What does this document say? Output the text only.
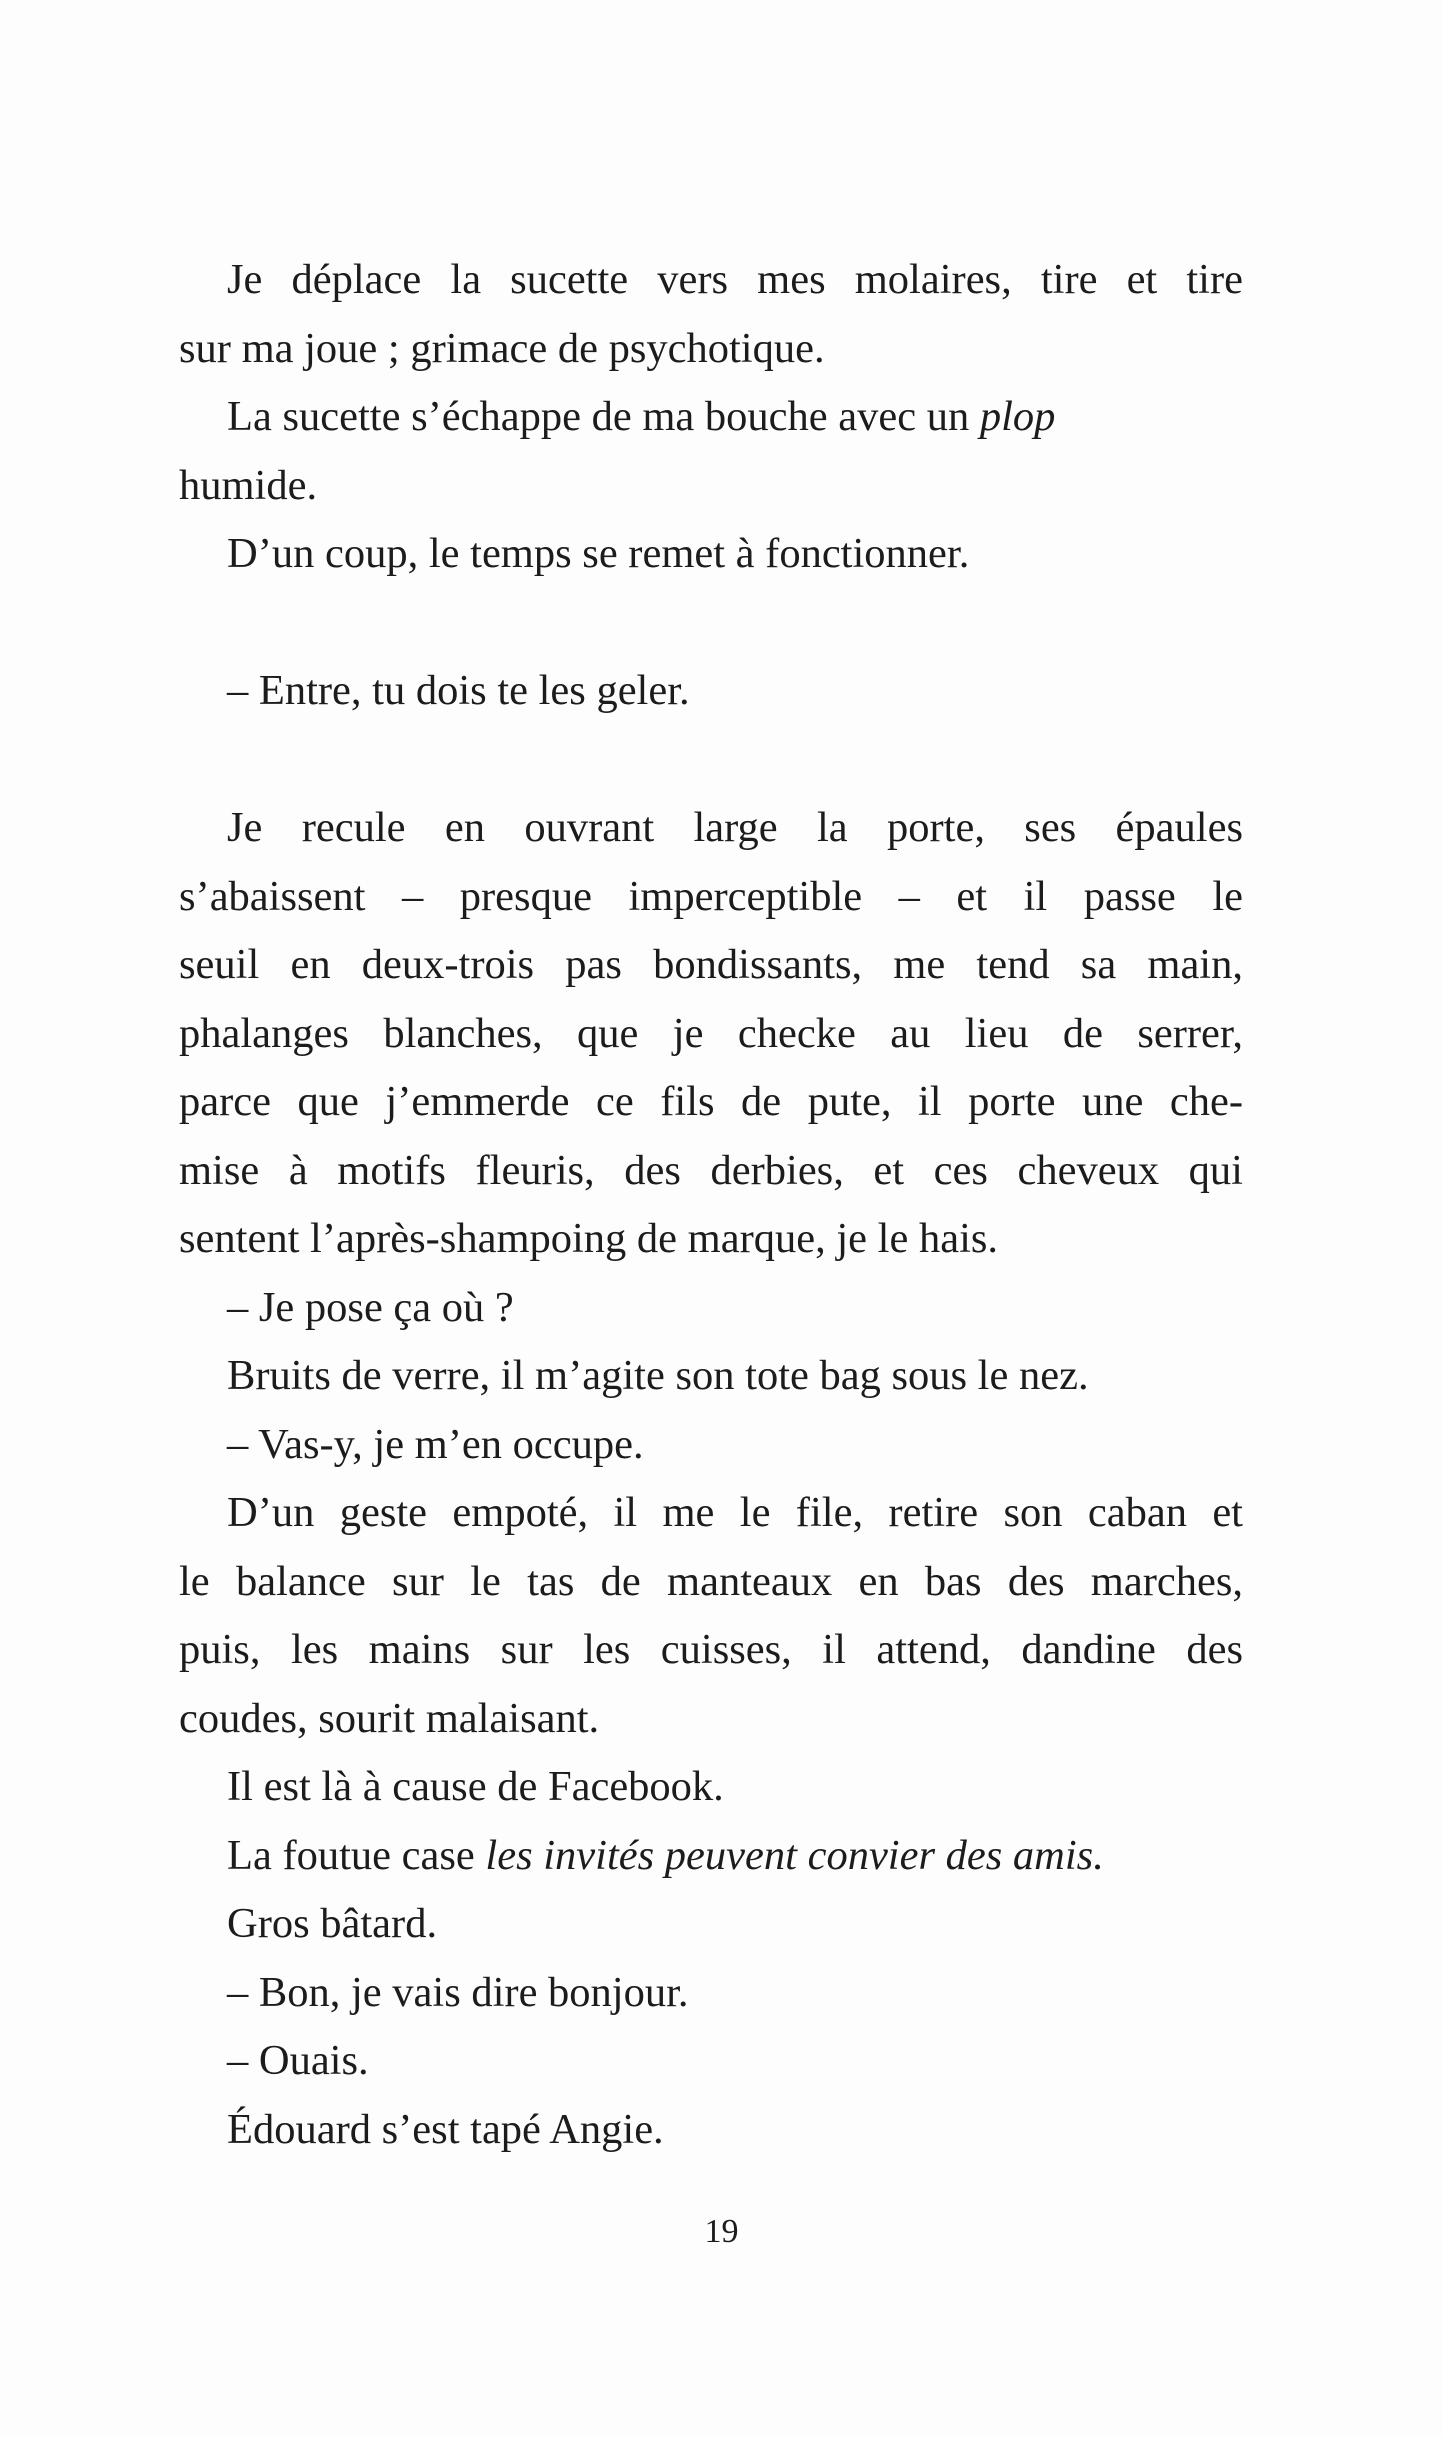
Je déplace la sucette vers mes molaires, tire et tire
sur ma joue ; grimace de psychotique.
La sucette s’échappe de ma bouche avec un plop
humide.
D’un coup, le temps se remet à fonctionner.
– Entre, tu dois te les geler.
Je recule en ouvrant large la porte, ses épaules
s’abaissent – presque imperceptible – et il passe le
seuil en deux-trois pas bondissants, me tend sa main,
phalanges blanches, que je checke au lieu de serrer,
parce que j’emmerde ce fils de pute, il porte une che-
mise à motifs fleuris, des derbies, et ces cheveux qui
sentent l’après-shampoing de marque, je le hais.
– Je pose ça où ?
Bruits de verre, il m’agite son tote bag sous le nez.
– Vas-y, je m’en occupe.
D’un geste empoté, il me le file, retire son caban et
le balance sur le tas de manteaux en bas des marches,
puis, les mains sur les cuisses, il attend, dandine des
coudes, sourit malaisant.
Il est là à cause de Facebook.
La foutue case les invités peuvent convier des amis.
Gros bâtard.
– Bon, je vais dire bonjour.
– Ouais.
Édouard s’est tapé Angie.
19
